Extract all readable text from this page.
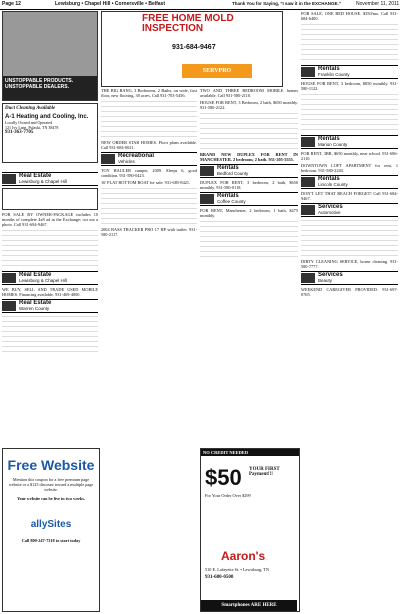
Page 12	Lewisburg • Chapel Hill • Cornersville • Belfast	Thank You for Saying, "I saw it in the EXCHANGE."	November 11, 2011
UNSTOPPABLE PRODUCTS.
UNSTOPPABLE DEALERS.
Duct Cleaning Available
A-1 Heating and Cooling, Inc.
Locally Owned and Operated
121 Ivy Lane, Pulaski, TN 38478
931-363-7705
FREE HOME MOLD INSPECTION
931-684-9467
SERVPRO
Real Estate
Lewisburg & Chapel Hill

FOR SALE BY OWNER-PACKAGE includes 10 months of complete 4x8 ad in the Exchange; cut out a photo. Call 931-684-9467.

Real Estate
Lewisburg & Chapel Hill

WE BUY, SELL AND TRADE USED MOBILE HOMES. Financing available. 931-469-4000.

Real Estate
Warren County

THE BIG BANG, 3 Bedrooms, 2 Baths, on wide, first floor, new flooring, 30 acres. Call 931-703-5456.

NEW ORDER STAR HOMES. Floor plans available. Call 931-684-0021.

Recreational
Vehicles

TOY HAULER camper, 2009. Sleeps 6, good condition. 931-580-0423.

16' FLAT BOTTOM BOAT for sale. 931-685-8421.

2004 BASS TRACKER PRO 17 HP with trailer. 931-580-2117.

TWO AND THREE BEDROOM MOBILE homes available. Call 931-580-2110.

HOUSE FOR RENT, 3 Bedroom, 2 bath, $650 monthly. 931-580-2122.

BRAND NEW DUPLEX FOR RENT IN MANCHESTER. 2 bedroom, 2 bath. 931-205-5555.

Rentals
Bedford County

DUPLEX FOR RENT, 3 bedroom, 2 bath, $650 monthly. 931-580-0118.

Rentals
Coffee County

FOR RENT, Manchester, 2 bedroom, 1 bath, $475 monthly.

FOR SALE, ONE BED HOUSE. $350/mo. Call 931-684-6400.

Rentals
Franklin County

HOUSE FOR RENT, 3 bedroom, $850 monthly. 931-580-1122.

Rentals
Marion County

FOR RENT, 3BR, $650 monthly, near school. 931-686-2110.

DOWNTOWN LOFT APARTMENT for rent, 1 bedroom. 931-580-2240.

Rentals
Lincoln County

DON'T LET THAT BEACH FORGET! Call 931-684-9467.

Services
Automotive

DIRTY CLEANING SERVICE, house cleaning. 931-580-7777.

Services
Beauty

WEEKEND CAREGIVER PROVIDED. 931-697-0765.

Free Website
Mention this coupon for a free premium page website or a $125 discount toward a multiple page website.
Your website can be live in two weeks.
allySites
Call 800-247-7318 to start today
NO CREDIT NEEDED
$50 YOUR FIRST Payment!!!
For Your Order Over $299
Aaron's
510 E. Lafayette St. • Lewisburg, TN
931-680-0500
Smartphones ARE HERE
